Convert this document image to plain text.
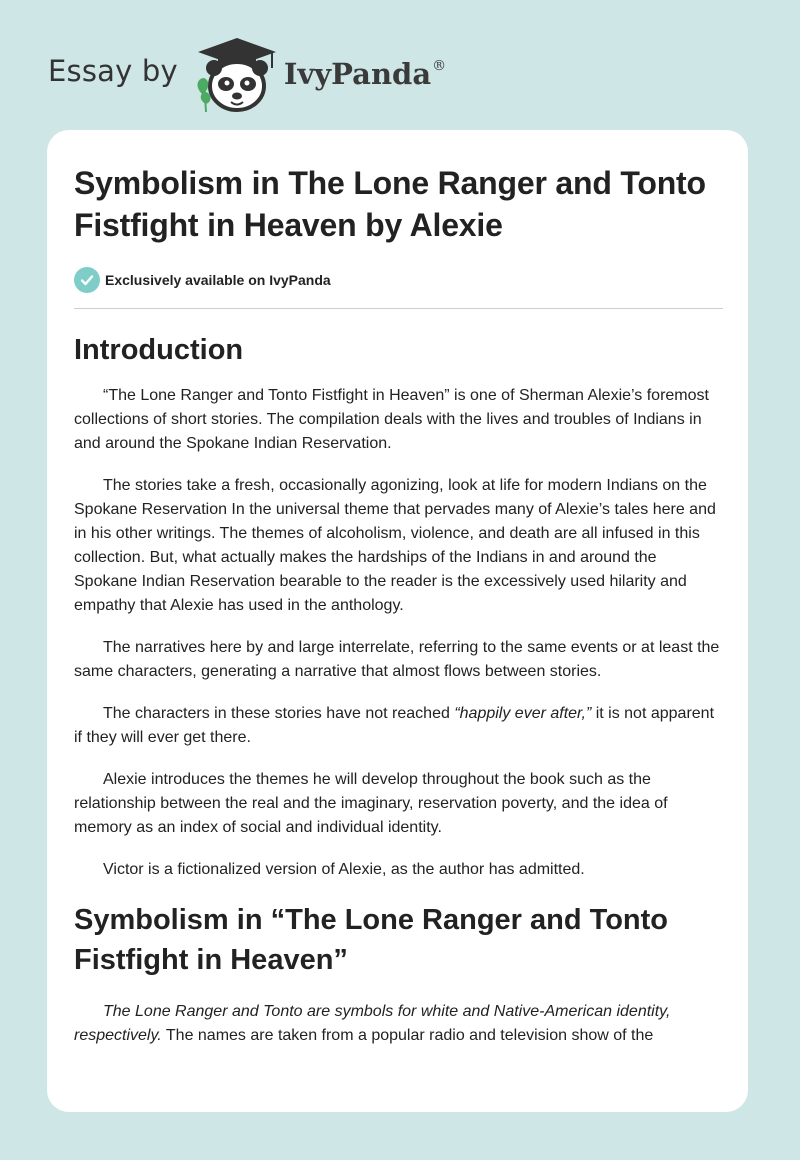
Essay by	IvyPanda®
Symbolism in The Lone Ranger and Tonto Fistfight in Heaven by Alexie
Exclusively available on IvyPanda
Introduction

“The Lone Ranger and Tonto Fistfight in Heaven” is one of Sherman Alexie’s foremost collections of short stories. The compilation deals with the lives and troubles of Indians in and around the Spokane Indian Reservation.

The stories take a fresh, occasionally agonizing, look at life for modern Indians on the Spokane Reservation In the universal theme that pervades many of Alexie’s tales here and in his other writings. The themes of alcoholism, violence, and death are all infused in this collection. But, what actually makes the hardships of the Indians in and around the Spokane Indian Reservation bearable to the reader is the excessively used hilarity and empathy that Alexie has used in the anthology.

The narratives here by and large interrelate, referring to the same events or at least the same characters, generating a narrative that almost flows between stories.

The characters in these stories have not reached “happily ever after,” it is not apparent if they will ever get there.

Alexie introduces the themes he will develop throughout the book such as the relationship between the real and the imaginary, reservation poverty, and the idea of memory as an index of social and individual identity.

Victor is a fictionalized version of Alexie, as the author has admitted.

Symbolism in “The Lone Ranger and Tonto Fistfight in Heaven”

The Lone Ranger and Tonto are symbols for white and Native-American identity, respectively. The names are taken from a popular radio and television show of the
